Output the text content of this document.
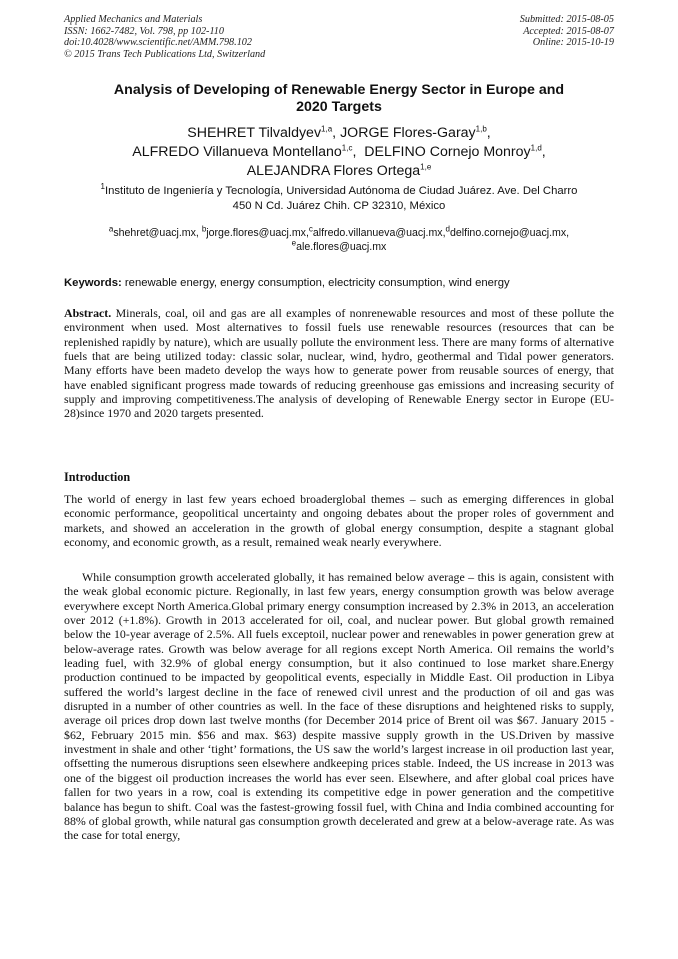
Applied Mechanics and Materials
ISSN: 1662-7482, Vol. 798, pp 102-110
doi:10.4028/www.scientific.net/AMM.798.102
© 2015 Trans Tech Publications Ltd, Switzerland
Submitted: 2015-08-05
Accepted: 2015-08-07
Online: 2015-10-19
Analysis of Developing of Renewable Energy Sector in Europe and
2020 Targets
SHEHRET Tilvaldyev$^{1,a}$, JORGE Flores-Garay$^{1,b}$,
ALFREDO Villanueva Montellano$^{1,c}$,  DELFINO Cornejo Monroy$^{1,d}$,
ALEJANDRA Flores Ortega$^{1,e}$
$^1$Instituto de Ingeniería y Tecnología, Universidad Autónoma de Ciudad Juárez. Ave. Del Charro
450 N Cd. Juárez Chih. CP 32310, México
$^a$shehret@uacj.mx, $^b$jorge.flores@uacj.mx,$^c$alfredo.villanueva@uacj.mx,$^d$delfino.cornejo@uacj.mx,
$^e$ale.flores@uacj.mx
Keywords: renewable energy, energy consumption, electricity consumption, wind energy
Abstract. Minerals, coal, oil and gas are all examples of nonrenewable resources and most of these pollute the environment when used. Most alternatives to fossil fuels use renewable resources (resources that can be replenished rapidly by nature), which are usually pollute the environment less. There are many forms of alternative fuels that are being utilized today: classic solar, nuclear, wind, hydro, geothermal and Tidal power generators. Many efforts have been madeto develop the ways how to generate power from reusable sources of energy, that have enabled significant progress made towards of reducing greenhouse gas emissions and increasing security of supply and improving competitiveness.The analysis of developing of Renewable Energy sector in Europe (EU-28)since 1970 and 2020 targets presented.
Introduction

The world of energy in last few years echoed broaderglobal themes – such as emerging differences in global economic performance, geopolitical uncertainty and ongoing debates about the proper roles of government and markets, and showed an acceleration in the growth of global energy consumption, despite a stagnant global economy, and economic growth, as a result, remained weak nearly everywhere.

While consumption growth accelerated globally, it has remained below average – this is again, consistent with the weak global economic picture. Regionally, in last few years, energy consumption growth was below average everywhere except North America.Global primary energy consumption increased by 2.3% in 2013, an acceleration over 2012 (+1.8%). Growth in 2013 accelerated for oil, coal, and nuclear power. But global growth remained below the 10-year average of 2.5%. All fuels exceptoil, nuclear power and renewables in power generation grew at below-average rates. Growth was below average for all regions except North America. Oil remains the world’s leading fuel, with 32.9% of global energy consumption, but it also continued to lose market share.Energy production continued to be impacted by geopolitical events, especially in Middle East. Oil production in Libya suffered the world’s largest decline in the face of renewed civil unrest and the production of oil and gas was disrupted in a number of other countries as well. In the face of these disruptions and heightened risks to supply, average oil prices drop down last twelve months (for December 2014 price of Brent oil was $67. January 2015 - $62, February 2015 min. $56 and max. $63) despite massive supply growth in the US.Driven by massive investment in shale and other ‘tight’ formations, the US saw the world’s largest increase in oil production last year, offsetting the numerous disruptions seen elsewhere andkeeping prices stable. Indeed, the US increase in 2013 was one of the biggest oil production increases the world has ever seen. Elsewhere, and after global coal prices have fallen for two years in a row, coal is extending its competitive edge in power generation and the competitive balance has begun to shift. Coal was the fastest-growing fossil fuel, with China and India combined accounting for 88% of global growth, while natural gas consumption growth decelerated and grew at a below-average rate. As was the case for total energy,
